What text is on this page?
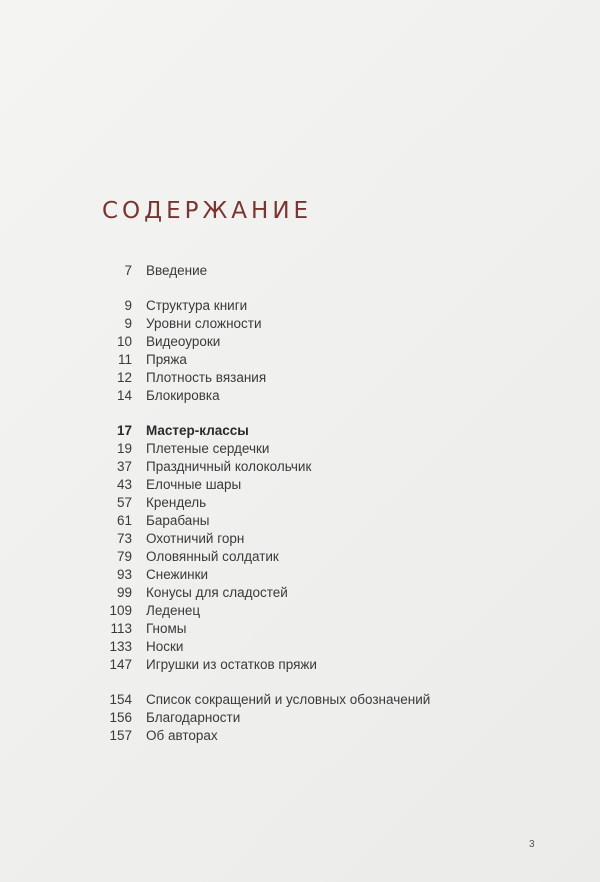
СОДЕРЖАНИЕ
7 Введение
9 Структура книги
9 Уровни сложности
10 Видеоуроки
11 Пряжа
12 Плотность вязания
14 Блокировка
17 Мастер-классы
19 Плетеные сердечки
37 Праздничный колокольчик
43 Елочные шары
57 Крендель
61 Барабаны
73 Охотничий горн
79 Оловянный солдатик
93 Снежинки
99 Конусы для сладостей
109 Леденец
113 Гномы
133 Носки
147 Игрушки из остатков пряжи
154 Список сокращений и условных обозначений
156 Благодарности
157 Об авторах
3
